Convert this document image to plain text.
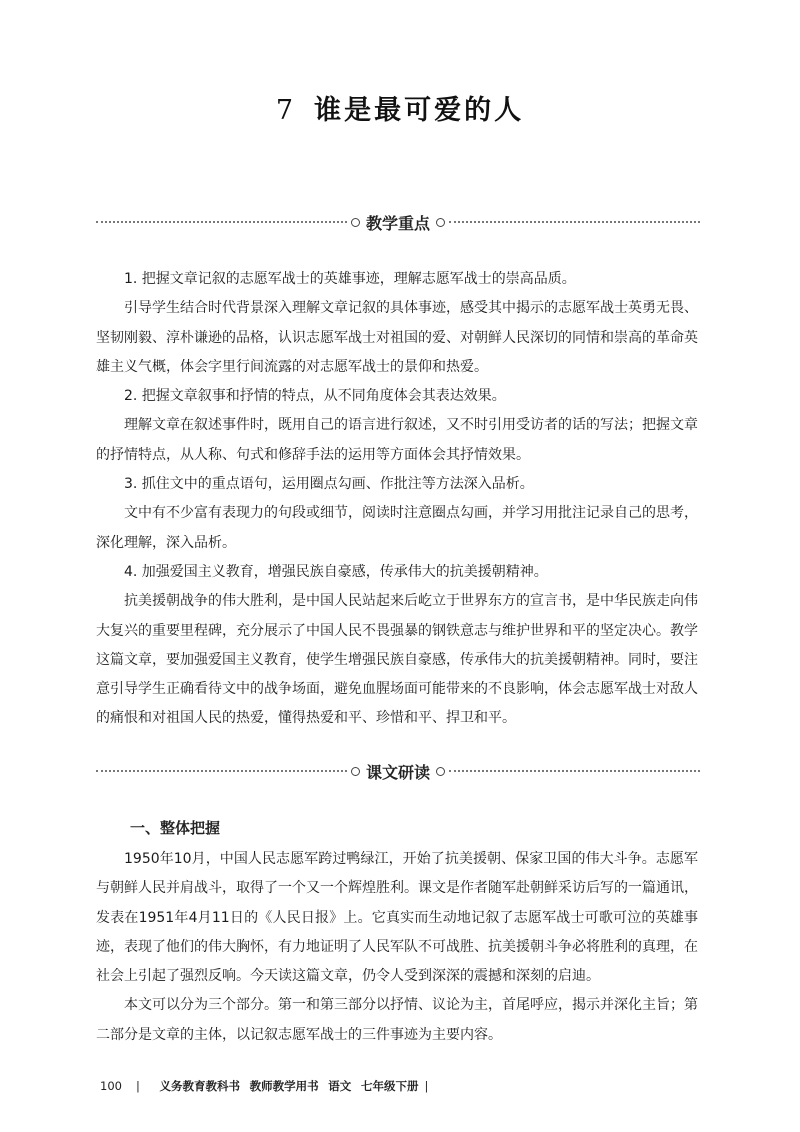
7 谁是最可爱的人
教学重点

1. 把握文章记叙的志愿军战士的英雄事迹，理解志愿军战士的崇高品质。

引导学生结合时代背景深入理解文章记叙的具体事迹，感受其中揭示的志愿军战士英勇无畏、坚韧刚毅、淳朴谦逊的品格，认识志愿军战士对祖国的爱、对朝鲜人民深切的同情和崇高的革命英雄主义气概，体会字里行间流露的对志愿军战士的景仰和热爱。

2. 把握文章叙事和抒情的特点，从不同角度体会其表达效果。

理解文章在叙述事件时，既用自己的语言进行叙述，又不时引用受访者的话的写法；把握文章的抒情特点，从人称、句式和修辞手法的运用等方面体会其抒情效果。

3. 抓住文中的重点语句，运用圈点勾画、作批注等方法深入品析。

文中有不少富有表现力的句段或细节，阅读时注意圈点勾画，并学习用批注记录自己的思考，深化理解，深入品析。

4. 加强爱国主义教育，增强民族自豪感，传承伟大的抗美援朝精神。

抗美援朝战争的伟大胜利，是中国人民站起来后屹立于世界东方的宣言书，是中华民族走向伟大复兴的重要里程碑，充分展示了中国人民不畏强暴的钢铁意志与维护世界和平的坚定决心。教学这篇文章，要加强爱国主义教育，使学生增强民族自豪感，传承伟大的抗美援朝精神。同时，要注意引导学生正确看待文中的战争场面，避免血腥场面可能带来的不良影响，体会志愿军战士对敌人的痛恨和对祖国人民的热爱，懂得热爱和平、珍惜和平、捍卫和平。

课文研读
一、整体把握

1950年10月，中国人民志愿军跨过鸭绿江，开始了抗美援朝、保家卫国的伟大斗争。志愿军与朝鲜人民并肩战斗，取得了一个又一个辉煌胜利。课文是作者随军赴朝鲜采访后写的一篇通讯，发表在1951年4月11日的《人民日报》上。它真实而生动地记叙了志愿军战士可歌可泣的英雄事迹，表现了他们的伟大胸怀，有力地证明了人民军队不可战胜、抗美援朝斗争必将胜利的真理，在社会上引起了强烈反响。今天读这篇文章，仍令人受到深深的震撼和深刻的启迪。

本文可以分为三个部分。第一和第三部分以抒情、议论为主，首尾呼应，揭示并深化主旨；第二部分是文章的主体，以记叙志愿军战士的三件事迹为主要内容。

100 | 义务教育教科书 教师教学用书 语文 七年级下册 |
